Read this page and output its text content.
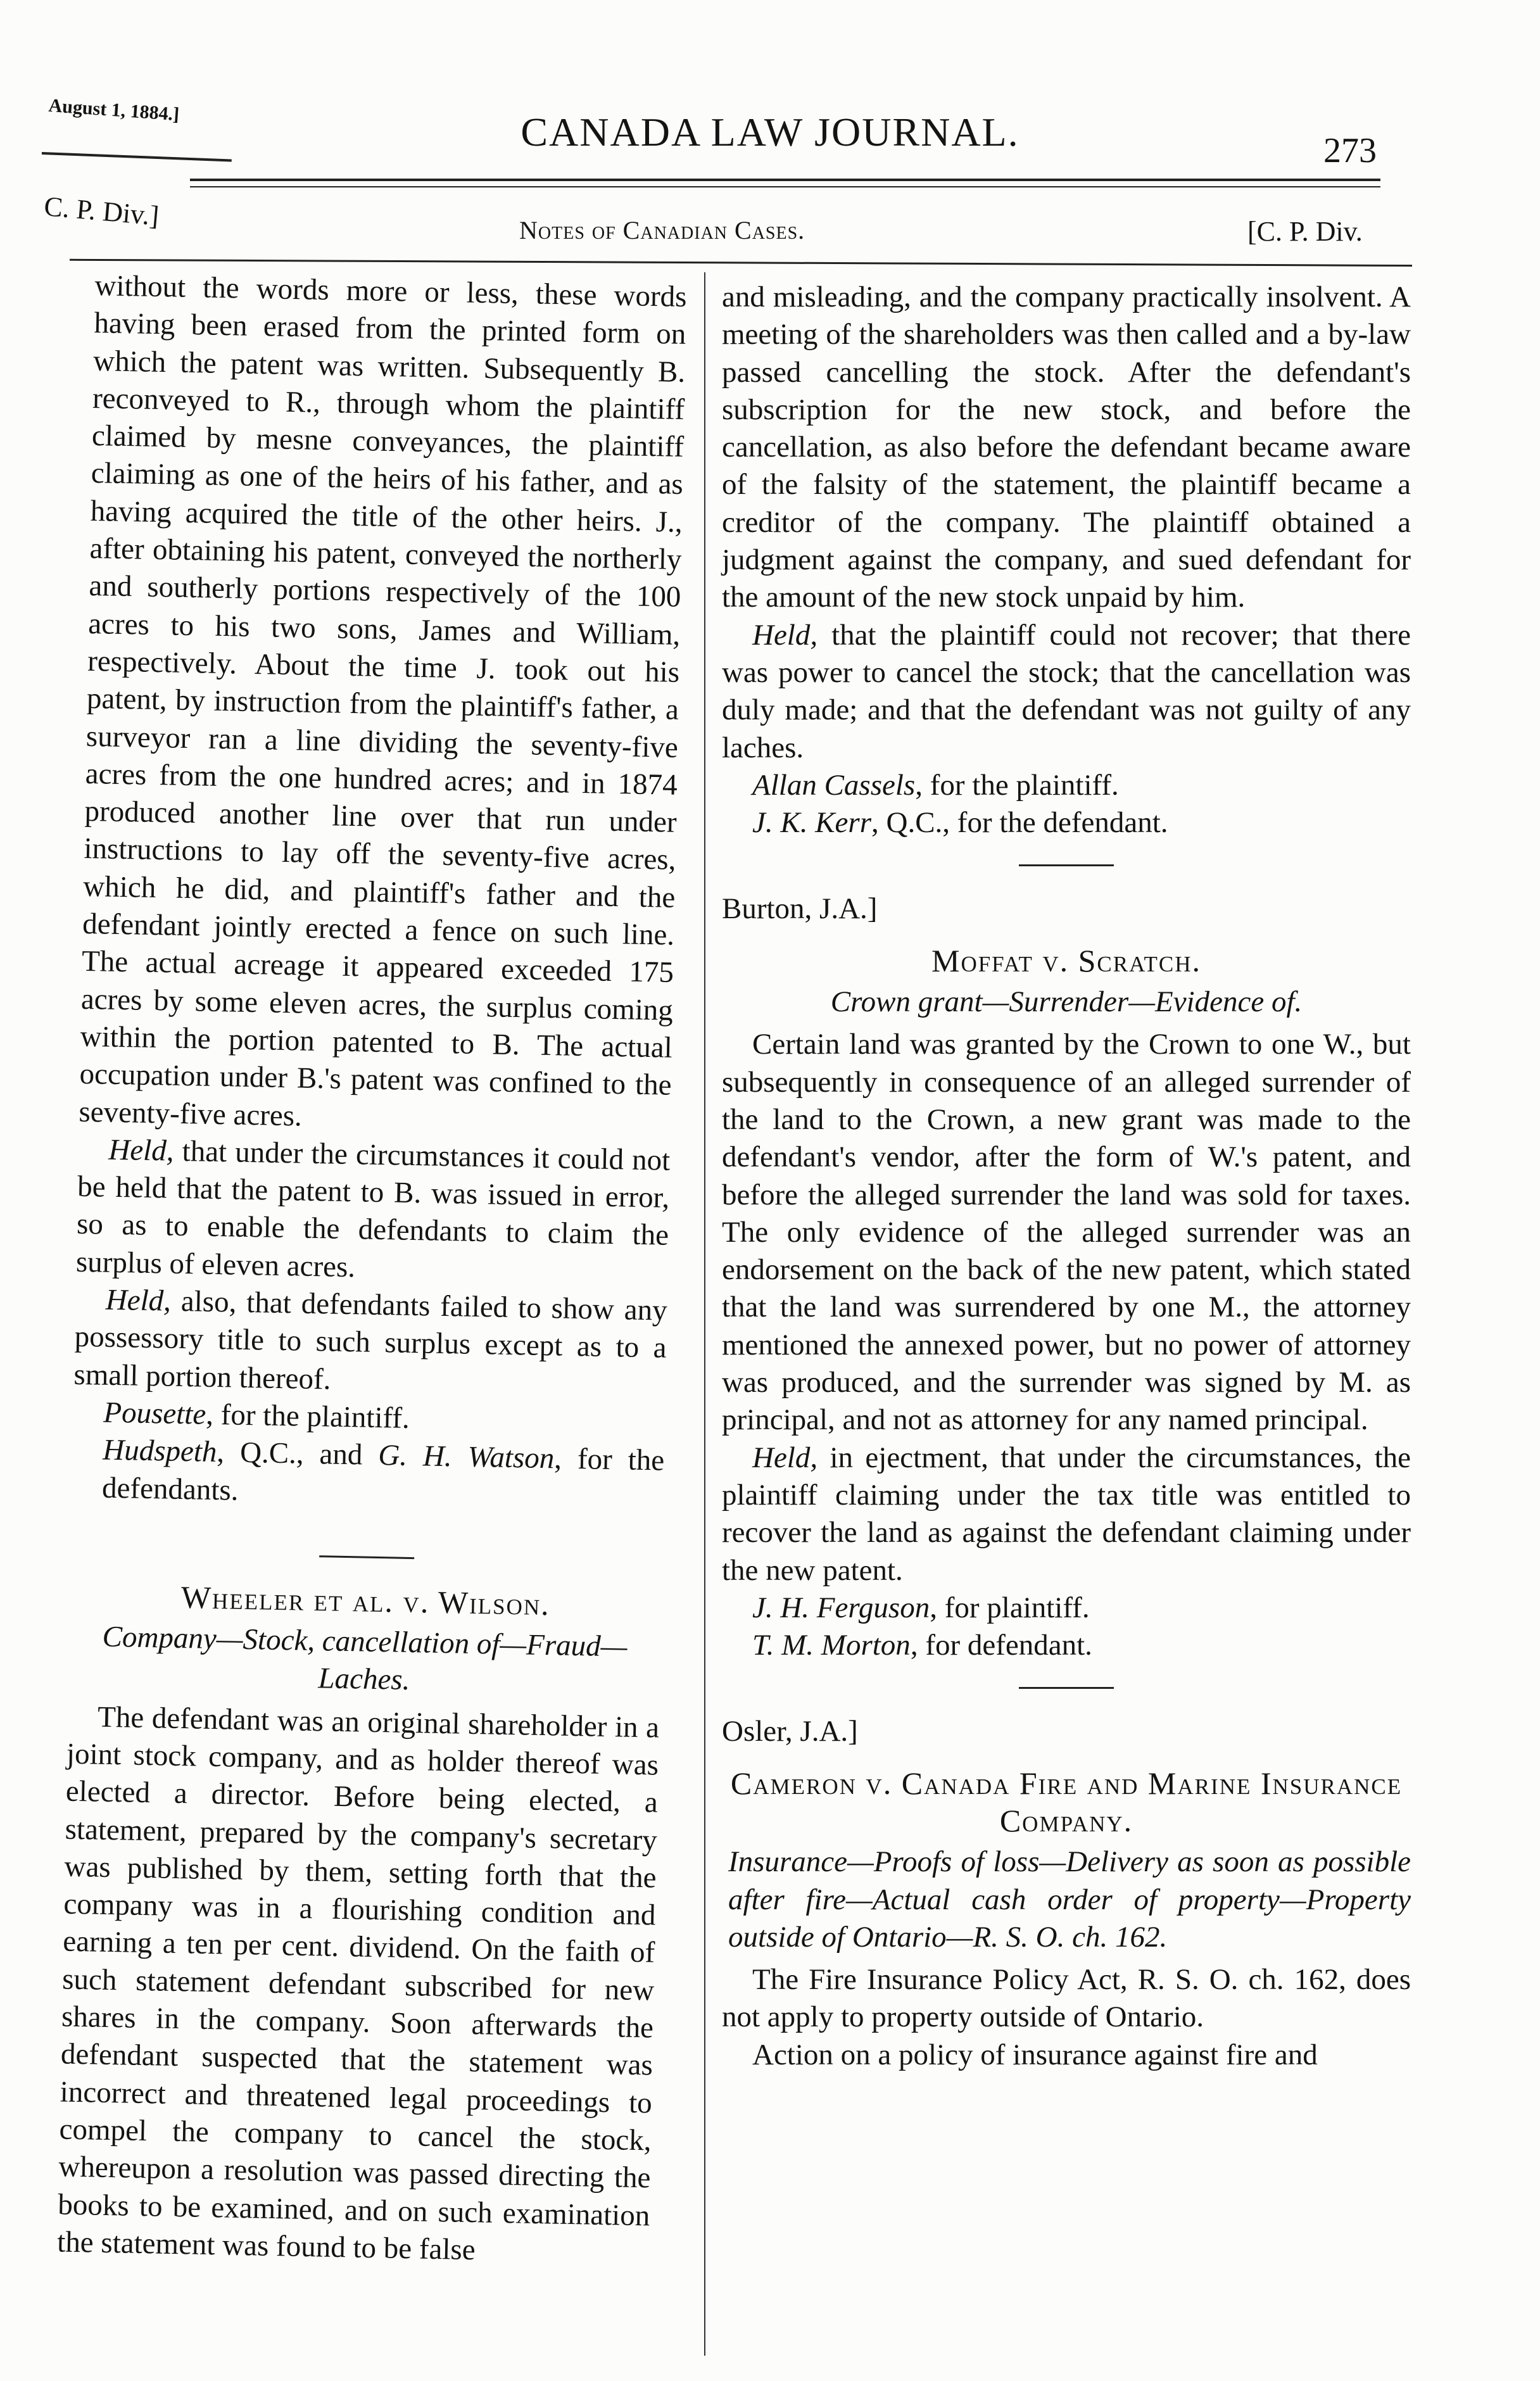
August 1, 1884.]	CANADA LAW JOURNAL.	273
C. P. Div.]	Notes of Canadian Cases.	[C. P. Div.

without the words more or less, these words having been erased from the printed form on which the patent was written. Subsequently B. reconveyed to R., through whom the plaintiff claimed by mesne conveyances, the plaintiff claiming as one of the heirs of his father, and as having acquired the title of the other heirs. J., after obtaining his patent, conveyed the northerly and southerly portions respectively of the 100 acres to his two sons, James and William, respectively. About the time J. took out his patent, by instruction from the plaintiff's father, a surveyor ran a line dividing the seventy-five acres from the one hundred acres; and in 1874 produced another line over that run under instructions to lay off the seventy-five acres, which he did, and plaintiff's father and the defendant jointly erected a fence on such line. The actual acreage it appeared exceeded 175 acres by some eleven acres, the surplus coming within the portion patented to B. The actual occupation under B.'s patent was confined to the seventy-five acres.

Held, that under the circumstances it could not be held that the patent to B. was issued in error, so as to enable the defendants to claim the surplus of eleven acres.

Held, also, that defendants failed to show any possessory title to such surplus except as to a small portion thereof.

Pousette, for the plaintiff.

Hudspeth, Q.C., and G. H. Watson, for the defendants.

Wheeler et al. v. Wilson.

Company—Stock, cancellation of—Fraud—Laches.

The defendant was an original shareholder in a joint stock company, and as holder thereof was elected a director. Before being elected, a statement, prepared by the company's secretary was published by them, setting forth that the company was in a flourishing condition and earning a ten per cent. dividend. On the faith of such statement defendant subscribed for new shares in the company. Soon afterwards the defendant suspected that the statement was incorrect and threatened legal proceedings to compel the company to cancel the stock, whereupon a resolution was passed directing the books to be examined, and on such examination the statement was found to be false

and misleading, and the company practically insolvent. A meeting of the shareholders was then called and a by-law passed cancelling the stock. After the defendant's subscription for the new stock, and before the cancellation, as also before the defendant became aware of the falsity of the statement, the plaintiff became a creditor of the company. The plaintiff obtained a judgment against the company, and sued defendant for the amount of the new stock unpaid by him.

Held, that the plaintiff could not recover; that there was power to cancel the stock; that the cancellation was duly made; and that the defendant was not guilty of any laches.

Allan Cassels, for the plaintiff.

J. K. Kerr, Q.C., for the defendant.

Burton, J.A.]

Moffat v. Scratch.

Crown grant—Surrender—Evidence of.

Certain land was granted by the Crown to one W., but subsequently in consequence of an alleged surrender of the land to the Crown, a new grant was made to the defendant's vendor, after the form of W.'s patent, and before the alleged surrender the land was sold for taxes. The only evidence of the alleged surrender was an endorsement on the back of the new patent, which stated that the land was surrendered by one M., the attorney mentioned the annexed power, but no power of attorney was produced, and the surrender was signed by M. as principal, and not as attorney for any named principal.

Held, in ejectment, that under the circumstances, the plaintiff claiming under the tax title was entitled to recover the land as against the defendant claiming under the new patent.

J. H. Ferguson, for plaintiff.

T. M. Morton, for defendant.

Osler, J.A.]

Cameron v. Canada Fire and Marine Insurance Company.

Insurance—Proofs of loss—Delivery as soon as possible after fire—Actual cash order of property—Property outside of Ontario—R. S. O. ch. 162.

The Fire Insurance Policy Act, R. S. O. ch. 162, does not apply to property outside of Ontario.

Action on a policy of insurance against fire and
